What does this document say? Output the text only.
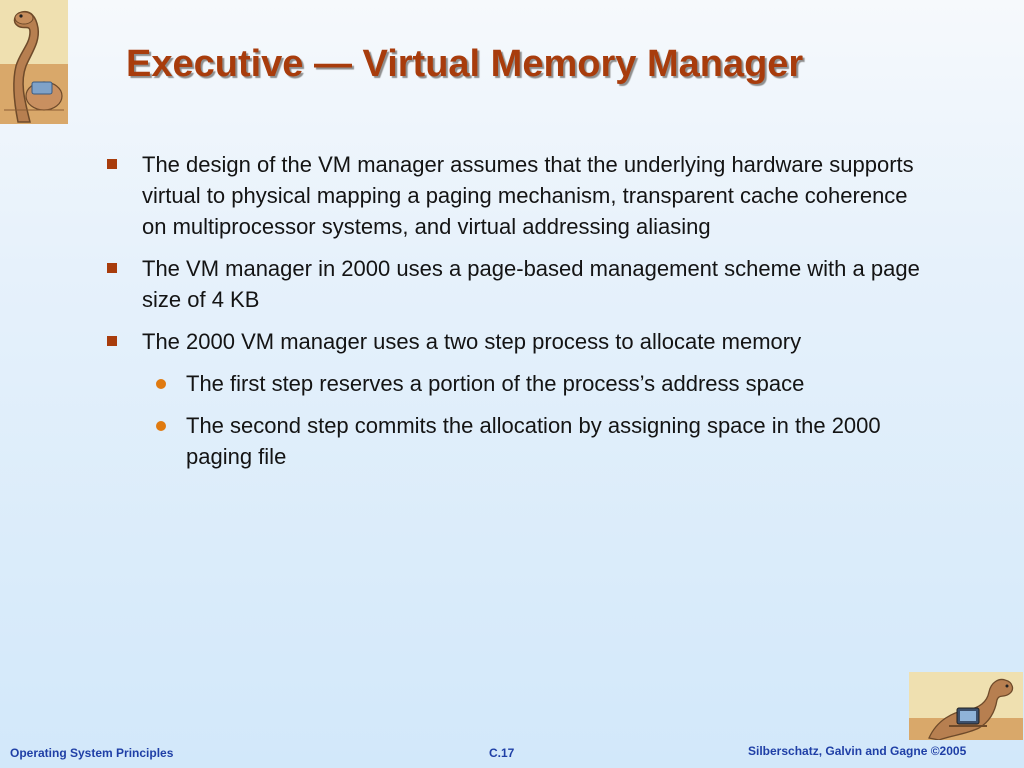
Executive — Virtual Memory Manager
The design of the VM manager assumes that the underlying hardware supports virtual to physical mapping a paging mechanism, transparent cache coherence on multiprocessor systems, and virtual addressing aliasing
The VM manager in 2000 uses a page-based management scheme with a page size of 4 KB
The 2000 VM manager uses a two step process to allocate memory
The first step reserves a portion of the process’s address space
The second step commits the allocation by assigning space in the 2000 paging file
Operating System Principles	C.17	Silberschatz, Galvin and Gagne ©2005
